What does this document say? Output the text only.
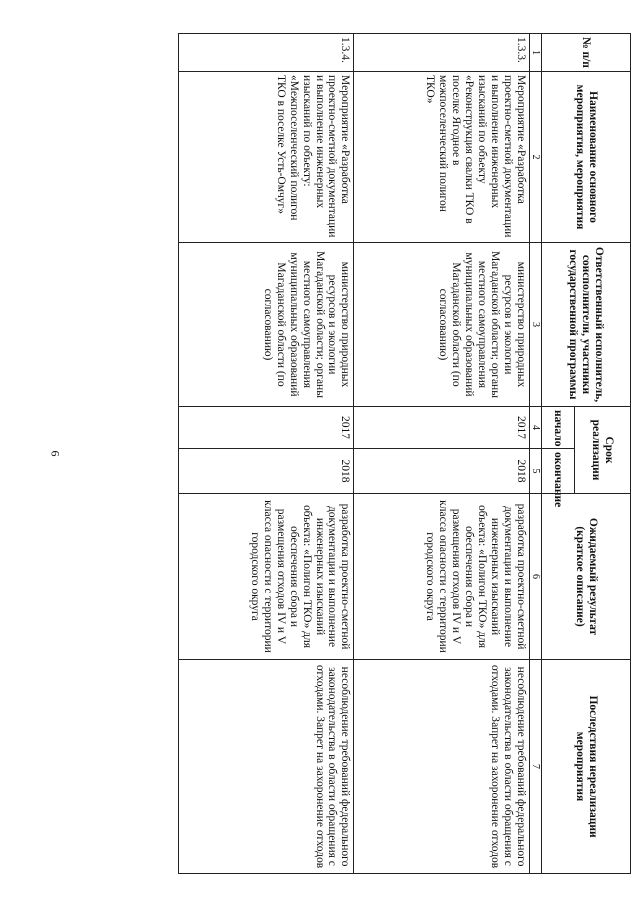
6
№ п/п	Наименование основного мероприятия, мероприятия	Ответственный исполнитель, соисполнители, участники государственной программы	Срок реализации		Ожидаемый результат (краткое описание)	Последствия нереализации мероприятия
			начало	окончание		
1	2	3	4	5	6	7
1.3.3.	Мероприятие «Разработка проектно-сметной документации и выполнение инженерных изысканий по объекту «Реконструкция свалки ТКО в поселке Ягодное в межпоселенческий полигон ТКО»	министерство природных ресурсов и экологии Магаданской области; органы местного самоуправления муниципальных образований Магаданской области (по согласованию)	2017	2018	разработка проектно-сметной документации и выполнение инженерных изысканий объекта: «Полигон ТКО» для обеспечения сбора и размещения отходов IV и V класса опасности с территории городского округа	несоблюдение требований федерального законодательства в области обращения с отходами. Запрет на захоронение отходов
1.3.4.	Мероприятие «Разработка проектно-сметной документации и выполнение инженерных изысканий по объекту: «Межпоселенческий полигон ТКО в поселке Усть-Омчуг»	министерство природных ресурсов и экологии Магаданской области; органы местного самоуправления муниципальных образований Магаданской области (по согласованию)	2017	2018	разработка проектно-сметной документации и выполнение инженерных изысканий объекта: «Полигон ТКО» для обеспечения сбора и размещения отходов IV и V класса опасности с территории городского округа	несоблюдение требований федерального законодательства в области обращения с отходами. Запрет на захоронение отходов
